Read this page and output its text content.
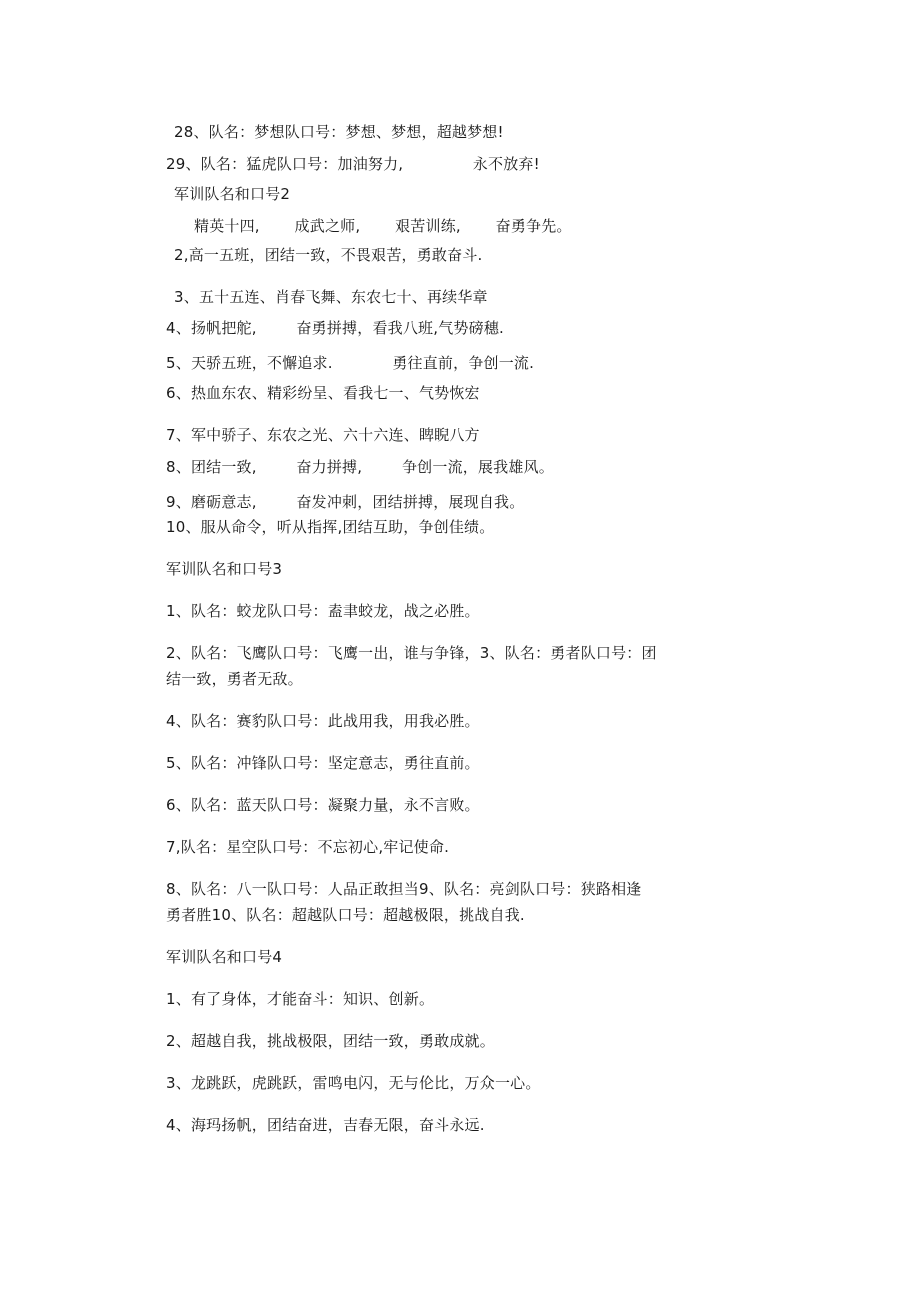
28、队名：梦想队口号：梦想、梦想，超越梦想!
29、队名：猛虎队口号：加油努力,              永不放弃!
军训队名和口号2
精英十四,       成武之师,       艰苦训练,       奋勇争先。
2,高一五班，团结一致，不畏艰苦，勇敢奋斗.
3、五十五连、肖春飞舞、东农七十、再续华章
4、扬帆把舵,        奋勇拼搏，看我八班,气势磅穗.
5、天骄五班，不懈追求.            勇往直前，争创一流.
6、热血东农、精彩纷呈、看我七一、气势恢宏
7、军中骄子、东农之光、六十六连、睥睨八方
8、团结一致,        奋力拼搏,        争创一流，展我雄风。
9、磨砺意志,        奋发冲刺，团结拼搏，展现自我。
10、服从命令，听从指挥,团结互助，争创佳绩。
军训队名和口号3
1、队名：蛟龙队口号：盍聿蛟龙，战之必胜。
2、队名：飞鹰队口号：飞鹰一出，谁与争锋，3、队名：勇者队口号：团
结一致，勇者无敌。
4、队名：赛豹队口号：此战用我，用我必胜。
5、队名：冲锋队口号：坚定意志，勇往直前。
6、队名：蓝天队口号：凝聚力量，永不言败。
7,队名：星空队口号：不忘初心,牢记使命.
8、队名：八一队口号：人品正敢担当9、队名：亮剑队口号：狭路相逢
勇者胜10、队名：超越队口号：超越极限，挑战自我.
军训队名和口号4
1、有了身体，才能奋斗：知识、创新。
2、超越自我，挑战极限，团结一致，勇敢成就。
3、龙跳跃，虎跳跃，雷鸣电闪，无与伦比，万众一心。
4、海玛扬帆，团结奋进，吉春无限，奋斗永远.
